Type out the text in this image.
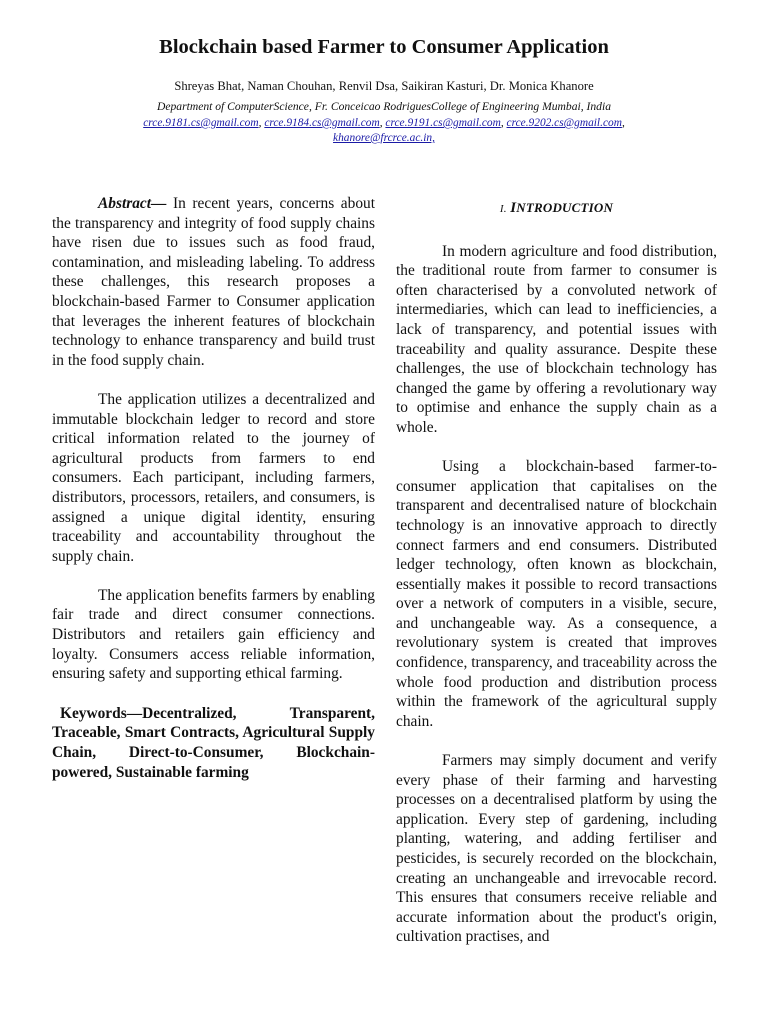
Blockchain based Farmer to Consumer Application
Shreyas Bhat, Naman Chouhan, Renvil Dsa, Saikiran Kasturi, Dr. Monica Khanore
Department of ComputerScience, Fr. Conceicao RodriguesCollege of Engineering Mumbai, India
crce.9181.cs@gmail.com, crce.9184.cs@gmail.com, crce.9191.cs@gmail.com, crce.9202.cs@gmail.com,
khanore@frcrce.ac.in,

Abstract— In recent years, concerns about the transparency and integrity of food supply chains have risen due to issues such as food fraud, contamination, and misleading labeling. To address these challenges, this research proposes a blockchain-based Farmer to Consumer application that leverages the inherent features of blockchain technology to enhance transparency and build trust in the food supply chain.

The application utilizes a decentralized and immutable blockchain ledger to record and store critical information related to the journey of agricultural products from farmers to end consumers. Each participant, including farmers, distributors, processors, retailers, and consumers, is assigned a unique digital identity, ensuring traceability and accountability throughout the supply chain.

The application benefits farmers by enabling fair trade and direct consumer connections. Distributors and retailers gain efficiency and loyalty. Consumers access reliable information, ensuring safety and supporting ethical farming.

Keywords—Decentralized, Transparent, Traceable, Smart Contracts, Agricultural Supply Chain, Direct-to-Consumer, Blockchain-powered, Sustainable farming
I. INTRODUCTION

In modern agriculture and food distribution, the traditional route from farmer to consumer is often characterised by a convoluted network of intermediaries, which can lead to inefficiencies, a lack of transparency, and potential issues with traceability and quality assurance. Despite these challenges, the use of blockchain technology has changed the game by offering a revolutionary way to optimise and enhance the supply chain as a whole.

Using a blockchain-based farmer-to-consumer application that capitalises on the transparent and decentralised nature of blockchain technology is an innovative approach to directly connect farmers and end consumers. Distributed ledger technology, often known as blockchain, essentially makes it possible to record transactions over a network of computers in a visible, secure, and unchangeable way. As a consequence, a revolutionary system is created that improves confidence, transparency, and traceability across the whole food production and distribution process within the framework of the agricultural supply chain.

Farmers may simply document and verify every phase of their farming and harvesting processes on a decentralised platform by using the application. Every step of gardening, including planting, watering, and adding fertiliser and pesticides, is securely recorded on the blockchain, creating an unchangeable and irrevocable record. This ensures that consumers receive reliable and accurate information about the product's origin, cultivation practises, and
